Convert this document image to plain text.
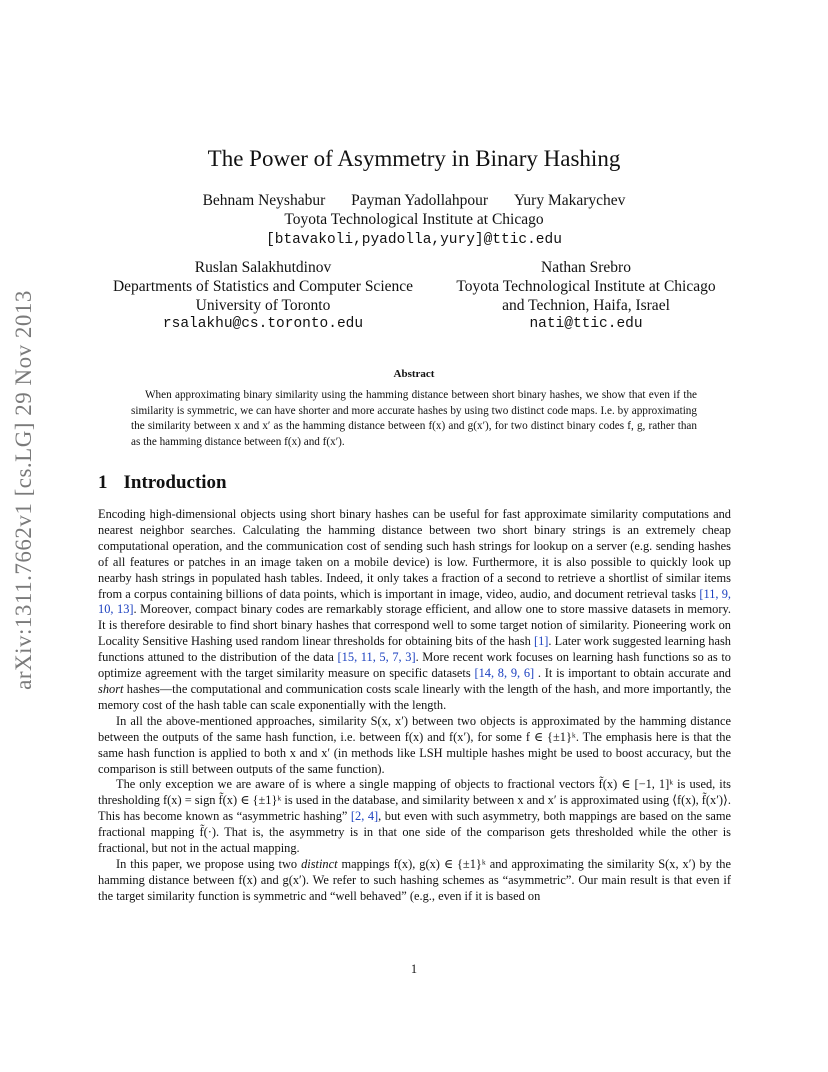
arXiv:1311.7662v1 [cs.LG] 29 Nov 2013
The Power of Asymmetry in Binary Hashing
Behnam Neyshabur Payman Yadollahpour Yury Makarychev
Toyota Technological Institute at Chicago
[btavakoli,pyadolla,yury]@ttic.edu
Ruslan Salakhutdinov
Departments of Statistics and Computer Science
University of Toronto
rsalakhu@cs.toronto.edu
Nathan Srebro
Toyota Technological Institute at Chicago
and Technion, Haifa, Israel
nati@ttic.edu
Abstract

When approximating binary similarity using the hamming distance between short binary hashes, we show that even if the similarity is symmetric, we can have shorter and more accurate hashes by using two distinct code maps. I.e. by approximating the similarity between x and x′ as the hamming distance between f(x) and g(x′), for two distinct binary codes f, g, rather than as the hamming distance between f(x) and f(x′).

1 Introduction

Encoding high-dimensional objects using short binary hashes can be useful for fast approximate similarity computations and nearest neighbor searches. Calculating the hamming distance between two short binary strings is an extremely cheap computational operation, and the communication cost of sending such hash strings for lookup on a server (e.g. sending hashes of all features or patches in an image taken on a mobile device) is low. Furthermore, it is also possible to quickly look up nearby hash strings in populated hash tables. Indeed, it only takes a fraction of a second to retrieve a shortlist of similar items from a corpus containing billions of data points, which is important in image, video, audio, and document retrieval tasks [11, 9, 10, 13]. Moreover, compact binary codes are remarkably storage efficient, and allow one to store massive datasets in memory. It is therefore desirable to find short binary hashes that correspond well to some target notion of similarity. Pioneering work on Locality Sensitive Hashing used random linear thresholds for obtaining bits of the hash [1]. Later work suggested learning hash functions attuned to the distribution of the data [15, 11, 5, 7, 3]. More recent work focuses on learning hash functions so as to optimize agreement with the target similarity measure on specific datasets [14, 8, 9, 6] . It is important to obtain accurate and short hashes—the computational and communication costs scale linearly with the length of the hash, and more importantly, the memory cost of the hash table can scale exponentially with the length.

In all the above-mentioned approaches, similarity S(x, x′) between two objects is approximated by the hamming distance between the outputs of the same hash function, i.e. between f(x) and f(x′), for some f ∈ {±1}ᵏ. The emphasis here is that the same hash function is applied to both x and x′ (in methods like LSH multiple hashes might be used to boost accuracy, but the comparison is still between outputs of the same function).

The only exception we are aware of is where a single mapping of objects to fractional vectors f̃(x) ∈ [−1, 1]ᵏ is used, its thresholding f(x) = sign f̃(x) ∈ {±1}ᵏ is used in the database, and similarity between x and x′ is approximated using ⟨f(x), f̃(x′)⟩. This has become known as “asymmetric hashing” [2, 4], but even with such asymmetry, both mappings are based on the same fractional mapping f̃(·). That is, the asymmetry is in that one side of the comparison gets thresholded while the other is fractional, but not in the actual mapping.

In this paper, we propose using two distinct mappings f(x), g(x) ∈ {±1}ᵏ and approximating the similarity S(x, x′) by the hamming distance between f(x) and g(x′). We refer to such hashing schemes as “asymmetric”. Our main result is that even if the target similarity function is symmetric and “well behaved” (e.g., even if it is based on

1
